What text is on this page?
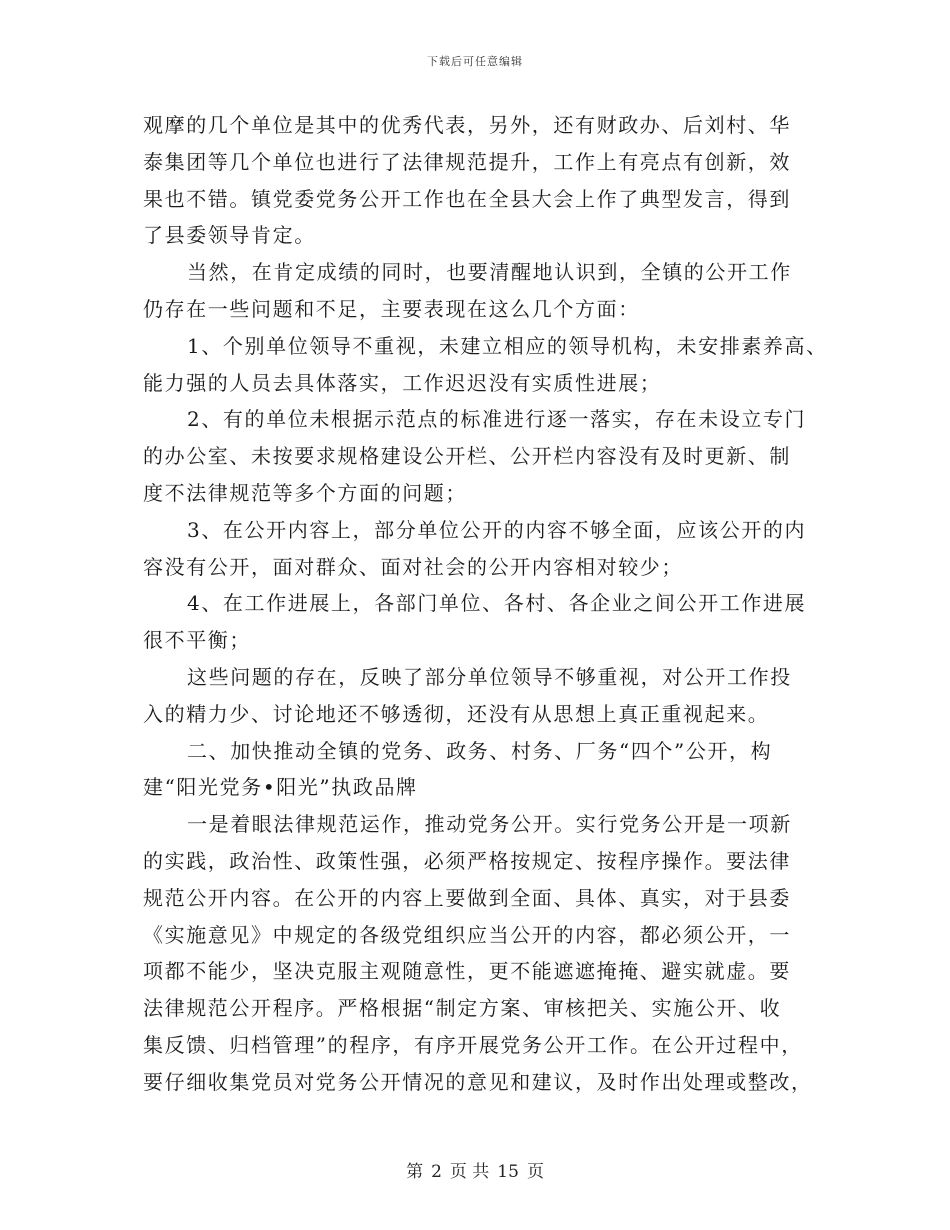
下载后可任意编辑
观摩的几个单位是其中的优秀代表，另外，还有财政办、后刘村、华
泰集团等几个单位也进行了法律规范提升，工作上有亮点有创新，效
果也不错。镇党委党务公开工作也在全县大会上作了典型发言，得到
了县委领导肯定。
当然，在肯定成绩的同时，也要清醒地认识到，全镇的公开工作
仍存在一些问题和不足，主要表现在这么几个方面：
1、个别单位领导不重视，未建立相应的领导机构，未安排素养高、
能力强的人员去具体落实，工作迟迟没有实质性进展；
2、有的单位未根据示范点的标准进行逐一落实，存在未设立专门
的办公室、未按要求规格建设公开栏、公开栏内容没有及时更新、制
度不法律规范等多个方面的问题；
3、在公开内容上，部分单位公开的内容不够全面，应该公开的内
容没有公开，面对群众、面对社会的公开内容相对较少；
4、在工作进展上，各部门单位、各村、各企业之间公开工作进展
很不平衡；
这些问题的存在，反映了部分单位领导不够重视，对公开工作投
入的精力少、讨论地还不够透彻，还没有从思想上真正重视起来。
二、加快推动全镇的党务、政务、村务、厂务“四个”公开，构
建“阳光党务•阳光”执政品牌
一是着眼法律规范运作，推动党务公开。实行党务公开是一项新
的实践，政治性、政策性强，必须严格按规定、按程序操作。要法律
规范公开内容。在公开的内容上要做到全面、具体、真实，对于县委
《实施意见》中规定的各级党组织应当公开的内容，都必须公开，一
项都不能少，坚决克服主观随意性，更不能遮遮掩掩、避实就虚。要
法律规范公开程序。严格根据“制定方案、审核把关、实施公开、收
集反馈、归档管理”的程序，有序开展党务公开工作。在公开过程中，
要仔细收集党员对党务公开情况的意见和建议，及时作出处理或整改，
第 2 页 共 15 页
